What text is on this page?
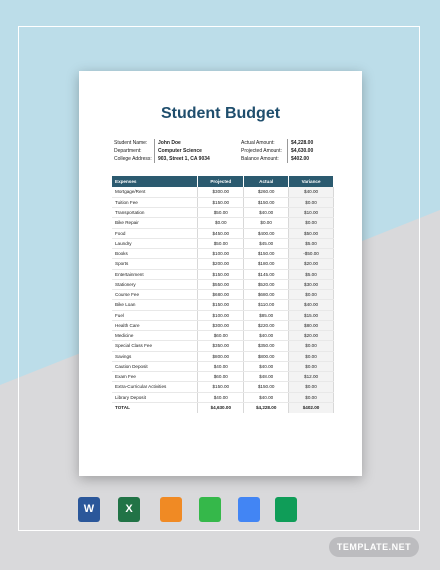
Student Budget
Student Name:	John Doe
Department:	Computer Science
College Address:	903, Street 1, CA 9034
Actual Amount:	$4,228.00
Projected Amount:	$4,630.00
Balance Amount:	$402.00
Expenses	Projected	Actual	Variance
Mortgage/Rent	$300.00	$260.00	$40.00
Tuition Fee	$150.00	$150.00	$0.00
Transportation	$50.00	$40.00	$10.00
Bike Repair	$0.00	$0.00	$0.00
Food	$450.00	$400.00	$50.00
Laundry	$50.00	$45.00	$5.00
Books	$100.00	$150.00	-$50.00
Sports	$200.00	$180.00	$20.00
Entertainment	$150.00	$145.00	$5.00
Stationery	$550.00	$520.00	$30.00
Course Fee	$680.00	$680.00	$0.00
Bike Loan	$150.00	$110.00	$40.00
Fuel	$100.00	$85.00	$15.00
Health Care	$300.00	$220.00	$80.00
Medicine	$60.00	$40.00	$20.00
Special Class Fee	$350.00	$350.00	$0.00
Savings	$800.00	$800.00	$0.00
Caution Deposit	$40.00	$40.00	$0.00
Exam Fee	$60.00	$48.00	$12.00
Extra-Curricular Activities	$150.00	$150.00	$0.00
Library Deposit	$40.00	$40.00	$0.00
TOTAL	$4,630.00	$4,228.00	$402.00
W	X
TEMPLATE.NET
